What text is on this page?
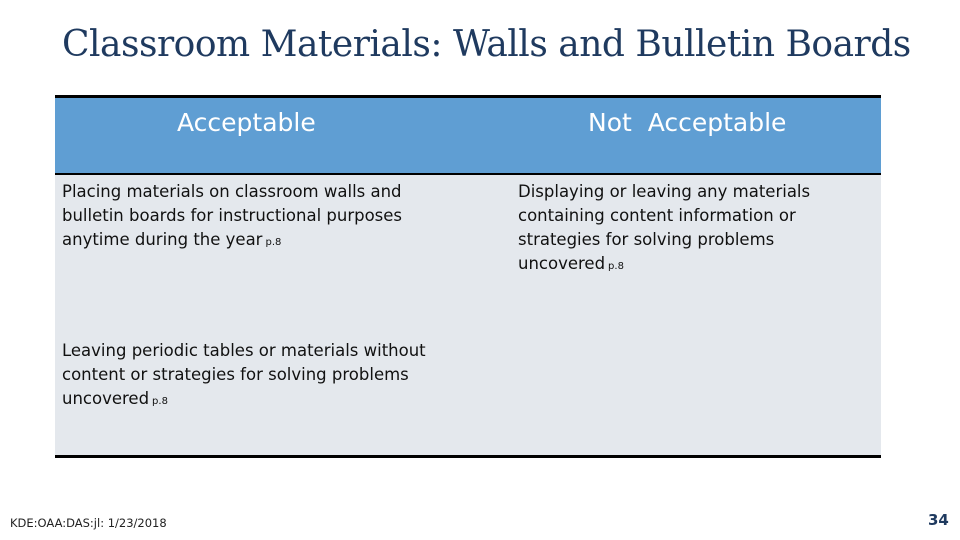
Classroom Materials: Walls and Bulletin Boards
Acceptable	Not  Acceptable
Placing materials on classroom walls and bulletin boards for instructional purposes anytime during the year p.8
Displaying or leaving any materials containing content information or strategies for solving problems uncovered p.8
Leaving periodic tables or materials without content or strategies for solving problems uncovered p.8
KDE:OAA:DAS:jl: 1/23/2018	34
